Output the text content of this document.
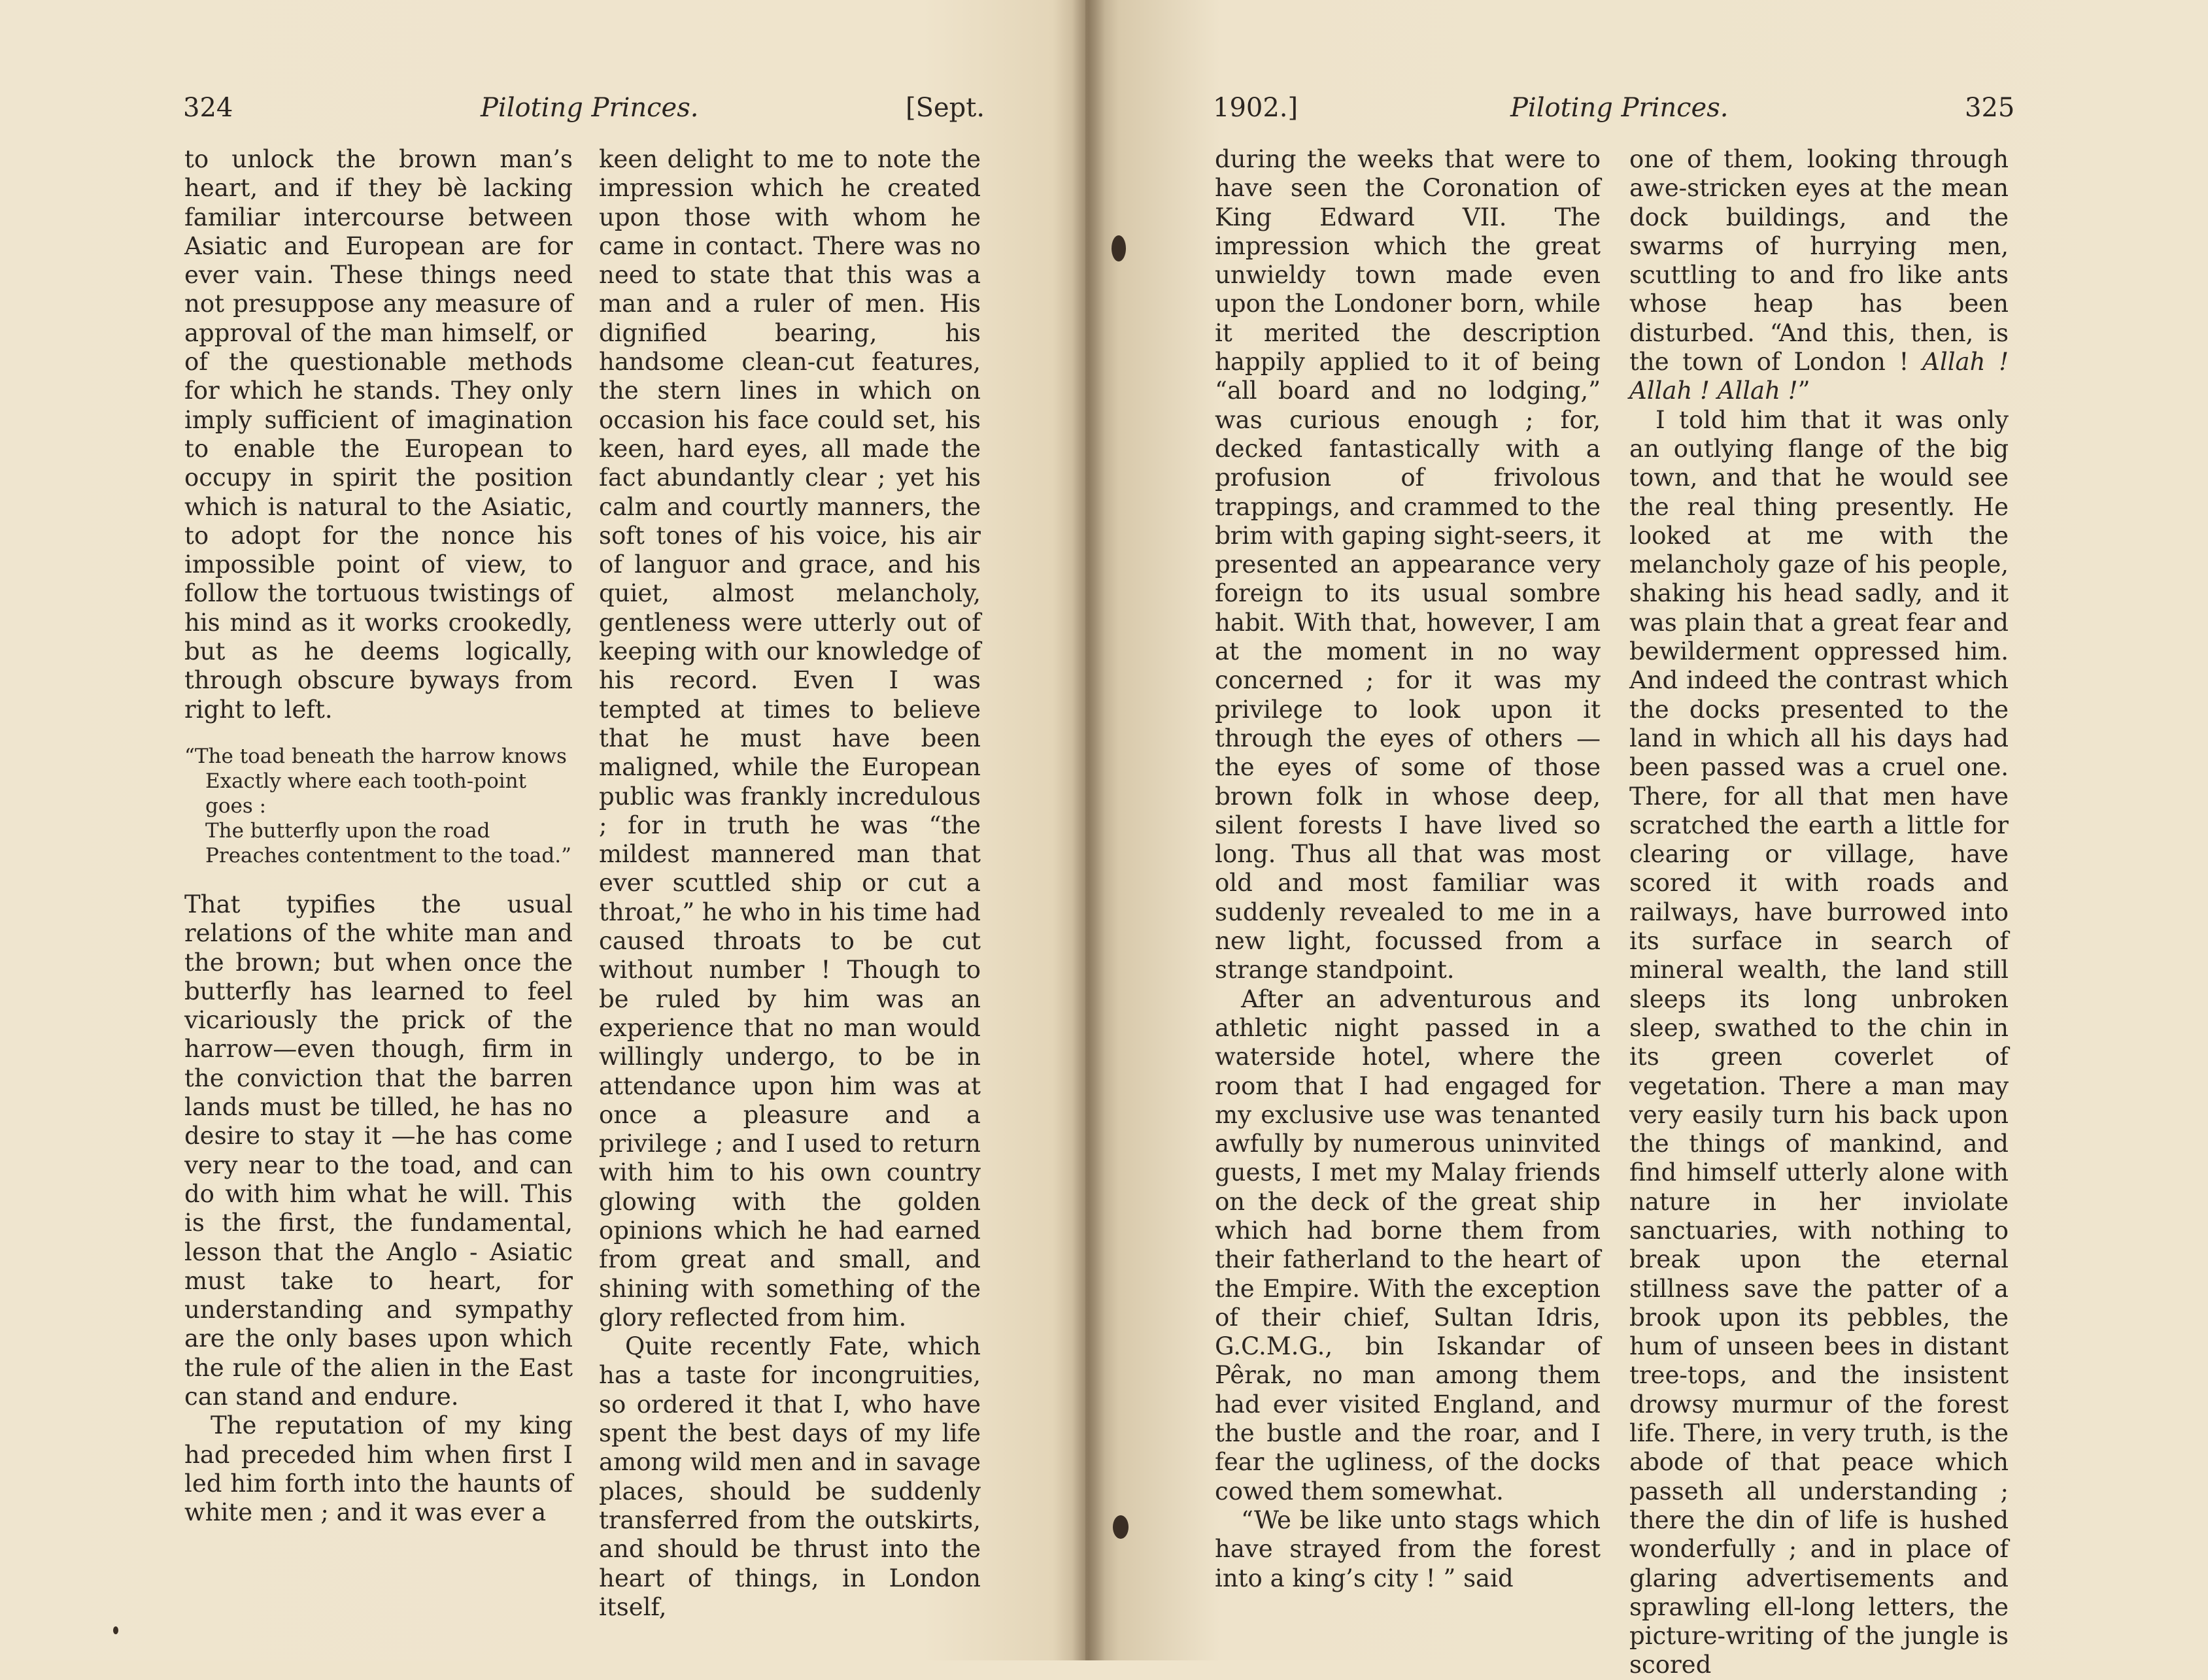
324	Piloting Princes.	[Sept.

to unlock the brown man’s heart, and if they bè lacking familiar intercourse between Asiatic and European are for ever vain. These things need not presuppose any measure of approval of the man himself, or of the questionable methods for which he stands. They only imply sufficient of imagination to enable the European to occupy in spirit the position which is natural to the Asiatic, to adopt for the nonce his impossible point of view, to follow the tortuous twistings of his mind as it works crookedly, but as he deems logically, through obscure byways from right to left.

“The toad beneath the harrow knows
Exactly where each tooth-point goes :
The butterfly upon the road
Preaches contentment to the toad.”

That typifies the usual relations of the white man and the brown; but when once the butterfly has learned to feel vicariously the prick of the harrow—even though, firm in the conviction that the barren lands must be tilled, he has no desire to stay it —he has come very near to the toad, and can do with him what he will. This is the first, the fundamental, lesson that the Anglo - Asiatic must take to heart, for understanding and sympathy are the only bases upon which the rule of the alien in the East can stand and endure.

The reputation of my king had preceded him when first I led him forth into the haunts of white men ; and it was ever a

keen delight to me to note the impression which he created upon those with whom he came in contact. There was no need to state that this was a man and a ruler of men. His dignified bearing, his handsome clean-cut features, the stern lines in which on occasion his face could set, his keen, hard eyes, all made the fact abundantly clear ; yet his calm and courtly manners, the soft tones of his voice, his air of languor and grace, and his quiet, almost melancholy, gentleness were utterly out of keeping with our knowledge of his record. Even I was tempted at times to believe that he must have been maligned, while the European public was frankly incredulous ; for in truth he was “the mildest mannered man that ever scuttled ship or cut a throat,” he who in his time had caused throats to be cut without number ! Though to be ruled by him was an experience that no man would willingly undergo, to be in attendance upon him was at once a pleasure and a privilege ; and I used to return with him to his own country glowing with the golden opinions which he had earned from great and small, and shining with something of the glory reflected from him.

Quite recently Fate, which has a taste for incongruities, so ordered it that I, who have spent the best days of my life among wild men and in savage places, should be suddenly transferred from the outskirts, and should be thrust into the heart of things, in London itself,

1902.]	Piloting Princes.	325

during the weeks that were to have seen the Coronation of King Edward VII. The impression which the great unwieldy town made even upon the Londoner born, while it merited the description happily applied to it of being “all board and no lodging,” was curious enough ; for, decked fantastically with a profusion of frivolous trappings, and crammed to the brim with gaping sight-seers, it presented an appearance very foreign to its usual sombre habit. With that, however, I am at the moment in no way concerned ; for it was my privilege to look upon it through the eyes of others — the eyes of some of those brown folk in whose deep, silent forests I have lived so long. Thus all that was most old and most familiar was suddenly revealed to me in a new light, focussed from a strange standpoint.

After an adventurous and athletic night passed in a waterside hotel, where the room that I had engaged for my exclusive use was tenanted awfully by numerous uninvited guests, I met my Malay friends on the deck of the great ship which had borne them from their fatherland to the heart of the Empire. With the exception of their chief, Sultan Idris, G.C.M.G., bin Iskandar of Pêrak, no man among them had ever visited England, and the bustle and the roar, and I fear the ugliness, of the docks cowed them somewhat.

“We be like unto stags which have strayed from the forest into a king’s city ! ” said

one of them, looking through awe-stricken eyes at the mean dock buildings, and the swarms of hurrying men, scuttling to and fro like ants whose heap has been disturbed. “And this, then, is the town of London ! Allah ! Allah ! Allah !”

I told him that it was only an outlying flange of the big town, and that he would see the real thing presently. He looked at me with the melancholy gaze of his people, shaking his head sadly, and it was plain that a great fear and bewilderment oppressed him. And indeed the contrast which the docks presented to the land in which all his days had been passed was a cruel one. There, for all that men have scratched the earth a little for clearing or village, have scored it with roads and railways, have burrowed into its surface in search of mineral wealth, the land still sleeps its long unbroken sleep, swathed to the chin in its green coverlet of vegetation. There a man may very easily turn his back upon the things of mankind, and find himself utterly alone with nature in her inviolate sanctuaries, with nothing to break upon the eternal stillness save the patter of a brook upon its pebbles, the hum of unseen bees in distant tree-tops, and the insistent drowsy murmur of the forest life. There, in very truth, is the abode of that peace which passeth all understanding ; there the din of life is hushed wonderfully ; and in place of glaring advertisements and sprawling ell-long letters, the picture-writing of the jungle is scored
